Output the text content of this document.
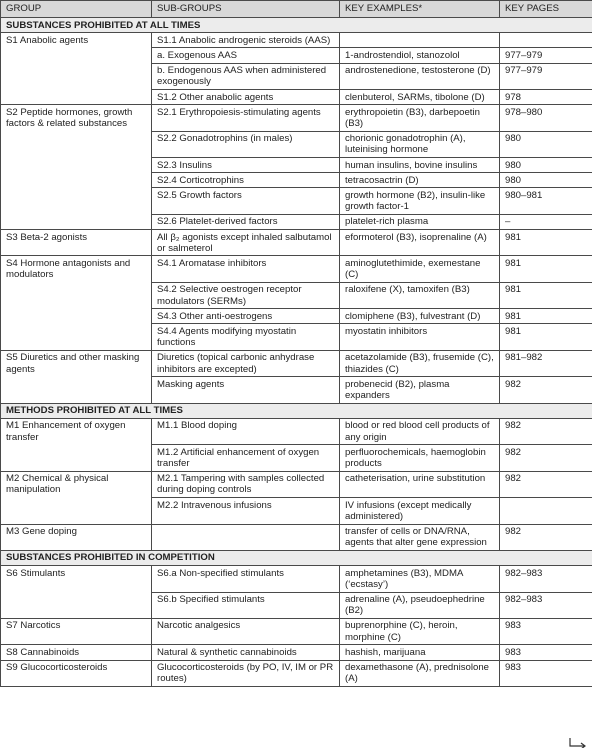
GROUP	SUB-GROUPS	KEY EXAMPLES*	KEY PAGES
SUBSTANCES PROHIBITED AT ALL TIMES			
S1 Anabolic agents	S1.1 Anabolic androgenic steroids (AAS)		
	a. Exogenous AAS	1-androstendiol, stanozolol	977–979
	b. Endogenous AAS when administered exogenously	androstenedione, testosterone (D)	977–979
	S1.2 Other anabolic agents	clenbuterol, SARMs, tibolone (D)	978
S2 Peptide hormones, growth factors & related substances	S2.1 Erythropoiesis-stimulating agents	erythropoietin (B3), darbepoetin (B3)	978–980
	S2.2 Gonadotrophins (in males)	chorionic gonadotrophin (A), luteinising hormone	980
	S2.3 Insulins	human insulins, bovine insulins	980
	S2.4 Corticotrophins	tetracosactrin (D)	980
	S2.5 Growth factors	growth hormone (B2), insulin-like growth factor-1	980–981
	S2.6 Platelet-derived factors	platelet-rich plasma	–
S3 Beta-2 agonists	All β₂ agonists except inhaled salbutamol or salmeterol	eformoterol (B3), isoprenaline (A)	981
S4 Hormone antagonists and modulators	S4.1 Aromatase inhibitors	aminoglutethimide, exemestane (C)	981
	S4.2 Selective oestrogen receptor modulators (SERMs)	raloxifene (X), tamoxifen (B3)	981
	S4.3 Other anti-oestrogens	clomiphene (B3), fulvestrant (D)	981
	S4.4 Agents modifying myostatin functions	myostatin inhibitors	981
S5 Diuretics and other masking agents	Diuretics (topical carbonic anhydrase inhibitors are excepted)	acetazolamide (B3), frusemide (C), thiazides (C)	981–982
	Masking agents	probenecid (B2), plasma expanders	982
METHODS PROHIBITED AT ALL TIMES			
M1 Enhancement of oxygen transfer	M1.1 Blood doping	blood or red blood cell products of any origin	982
	M1.2 Artificial enhancement of oxygen transfer	perfluorochemicals, haemoglobin products	982
M2 Chemical & physical manipulation	M2.1 Tampering with samples collected during doping controls	catheterisation, urine substitution	982
	M2.2 Intravenous infusions	IV infusions (except medically administered)	
M3 Gene doping		transfer of cells or DNA/RNA, agents that alter gene expression	982
SUBSTANCES PROHIBITED IN COMPETITION			
S6 Stimulants	S6.a Non-specified stimulants	amphetamines (B3), MDMA (‘ecstasy’)	982–983
	S6.b Specified stimulants	adrenaline (A), pseudoephedrine (B2)	982–983
S7 Narcotics	Narcotic analgesics	buprenorphine (C), heroin, morphine (C)	983
S8 Cannabinoids	Natural & synthetic cannabinoids	hashish, marijuana	983
S9 Glucocorticosteroids	Glucocorticosteroids (by PO, IV, IM or PR routes)	dexamethasone (A), prednisolone (A)	983
